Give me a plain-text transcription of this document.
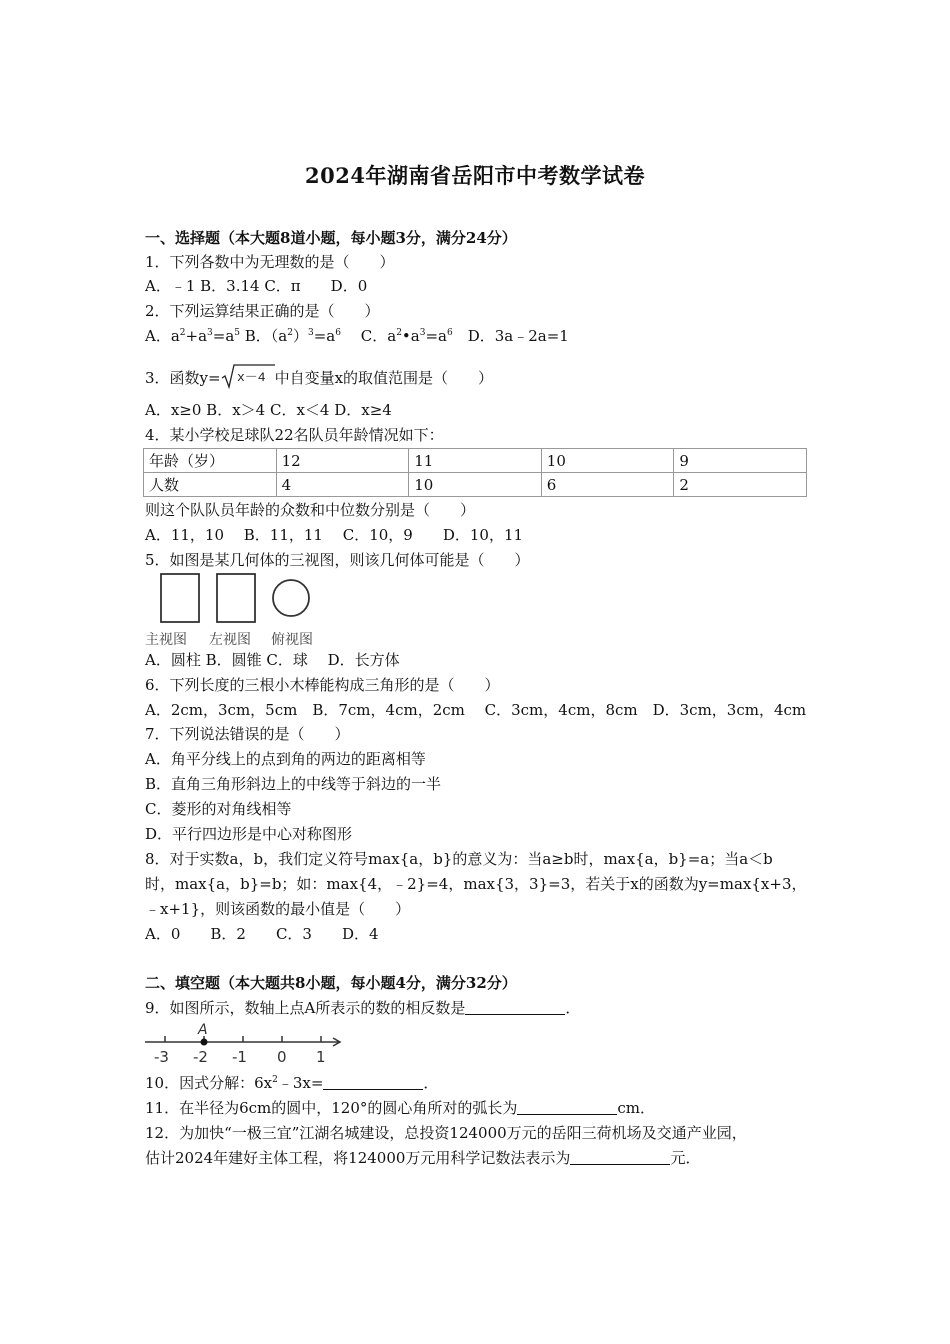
2024年湖南省岳阳市中考数学试卷
一、选择题（本大题8道小题，每小题3分，满分24分）
1．下列各数中为无理数的是（　　）
A．﹣1 B．3.14 C．π　　D．0
2．下列运算结果正确的是（　　）
A．$a^2+a^3=a^5$ B．$(a^2)^3=a^6$　 C．$a^2•a^3=a^6$　D．3a﹣2a=1
3．函数y= x－4 中自变量x的取值范围是（　　）
A．x≥0 B．x＞4 C．x＜4 D．x≥4
4．某小学校足球队22名队员年龄情况如下：
年龄（岁）	12	11	10	9
人数	4	10	6	2
则这个队队员年龄的众数和中位数分别是（　　）
A．11，10　 B．11，11　 C．10，9　　D．10，11
5．如图是某几何体的三视图，则该几何体可能是（　　）
主视图 左视图 俯视图
A．圆柱 B．圆锥 C．球　 D．长方体
6．下列长度的三根小木棒能构成三角形的是（　　）
A．2cm，3cm，5cm　B．7cm，4cm，2cm　 C．3cm，4cm，8cm　D．3cm，3cm，4cm
7．下列说法错误的是（　　）
A．角平分线上的点到角的两边的距离相等
B．直角三角形斜边上的中线等于斜边的一半
C．菱形的对角线相等
D．平行四边形是中心对称图形
8．对于实数a，b，我们定义符号max{a，b}的意义为：当a≥b时，max{a，b}=a；当a＜b
时，max{a，b}=b；如：max{4，﹣2}=4，max{3，3}=3，若关于x的函数为y=max{x+3，
﹣x+1}，则该函数的最小值是（　　）
A．0　　B．2　　C．3　　D．4
二、填空题（本大题共8小题，每小题4分，满分32分）
9．如图所示，数轴上点A所表示的数的相反数是	．
A
-3 -2 -1 0 1
10．因式分解：$6x^2﹣3x=$	．
11．在半径为6cm的圆中，120°的圆心角所对的弧长为	cm．
12．为加快“一极三宜”江湖名城建设，总投资124000万元的岳阳三荷机场及交通产业园，
估计2024年建好主体工程，将124000万元用科学记数法表示为	元．
